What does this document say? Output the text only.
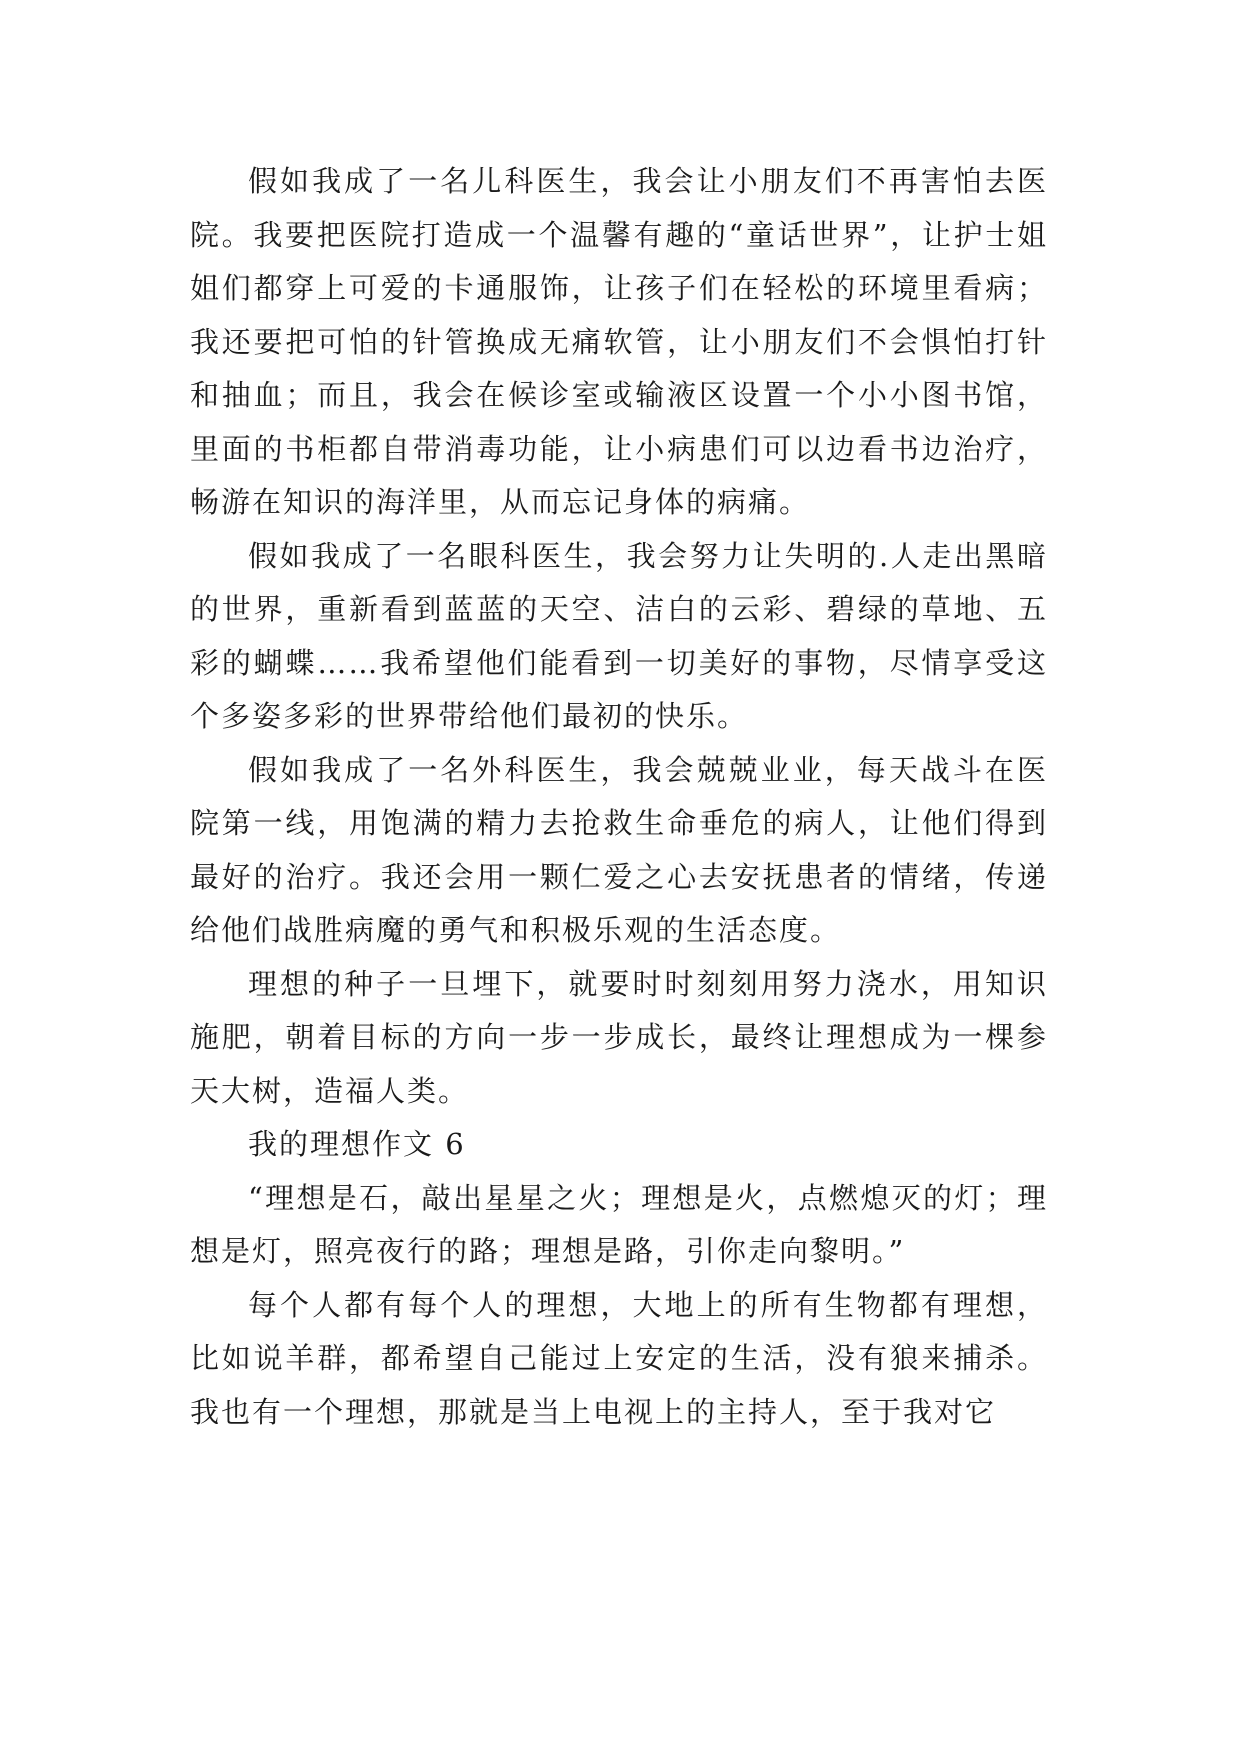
假如我成了一名儿科医生，我会让小朋友们不再害怕去医院。我要把医院打造成一个温馨有趣的“童话世界”，让护士姐姐们都穿上可爱的卡通服饰，让孩子们在轻松的环境里看病；我还要把可怕的针管换成无痛软管，让小朋友们不会惧怕打针和抽血；而且，我会在候诊室或输液区设置一个小小图书馆，里面的书柜都自带消毒功能，让小病患们可以边看书边治疗，畅游在知识的海洋里，从而忘记身体的病痛。

假如我成了一名眼科医生，我会努力让失明的.人走出黑暗的世界，重新看到蓝蓝的天空、洁白的云彩、碧绿的草地、五彩的蝴蝶……我希望他们能看到一切美好的事物，尽情享受这个多姿多彩的世界带给他们最初的快乐。

假如我成了一名外科医生，我会兢兢业业，每天战斗在医院第一线，用饱满的精力去抢救生命垂危的病人，让他们得到最好的治疗。我还会用一颗仁爱之心去安抚患者的情绪，传递给他们战胜病魔的勇气和积极乐观的生活态度。

理想的种子一旦埋下，就要时时刻刻用努力浇水，用知识施肥，朝着目标的方向一步一步成长，最终让理想成为一棵参天大树，造福人类。

我的理想作文 6

“理想是石，敲出星星之火；理想是火，点燃熄灭的灯；理想是灯，照亮夜行的路；理想是路，引你走向黎明。”

每个人都有每个人的理想，大地上的所有生物都有理想，比如说羊群，都希望自己能过上安定的生活，没有狼来捕杀。我也有一个理想，那就是当上电视上的主持人，至于我对它
